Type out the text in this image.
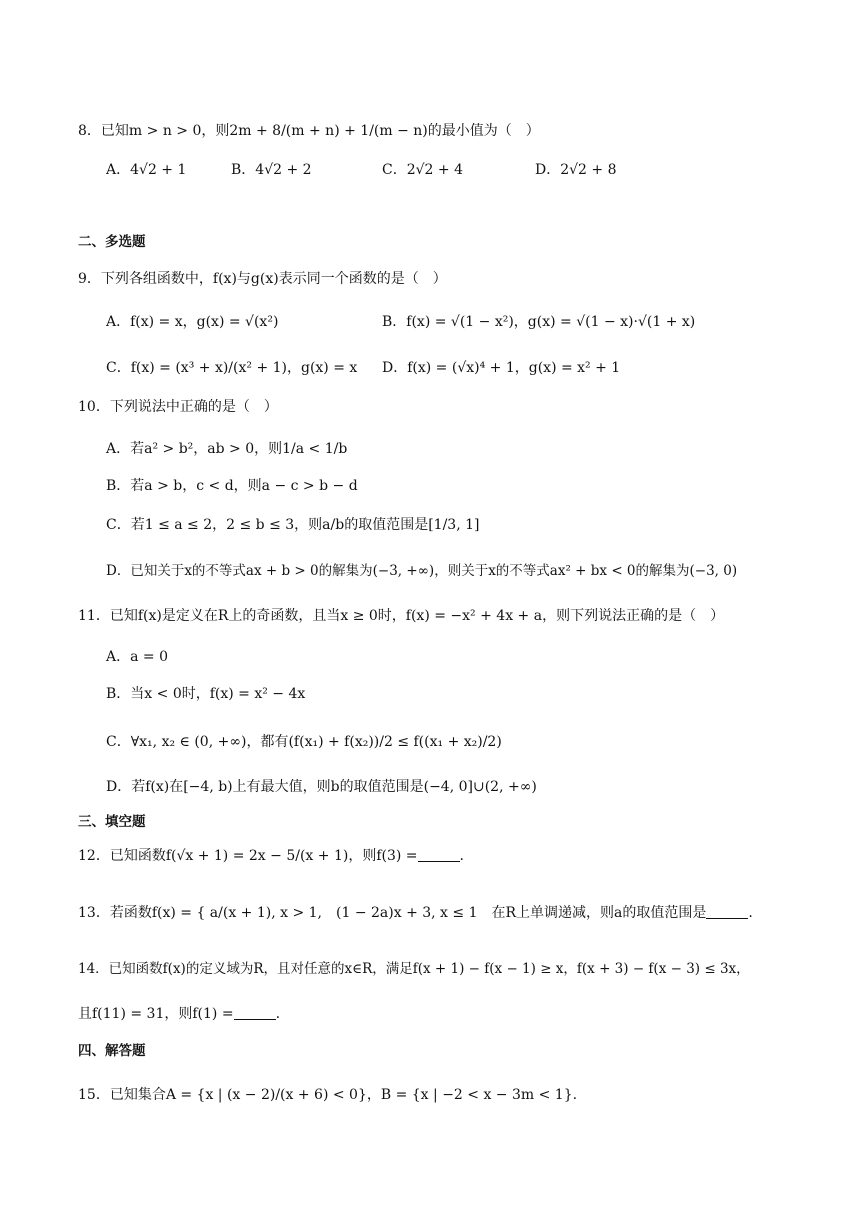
8．已知m > n > 0，则2m + 8/(m + n) + 1/(m − n)的最小值为（　）
A．4√2 + 1	B．4√2 + 2	C．2√2 + 4	D．2√2 + 8
二、多选题
9．下列各组函数中，f(x)与g(x)表示同一个函数的是（　）
A．f(x) = x，g(x) = √(x²)	B．f(x) = √(1 − x²)，g(x) = √(1 − x)·√(1 + x)
C．f(x) = (x³ + x)/(x² + 1)，g(x) = x D．f(x) = (√x)⁴ + 1，g(x) = x² + 1
10．下列说法中正确的是（　）
A．若a² > b²，ab > 0，则1/a < 1/b
B．若a > b，c < d，则a − c > b − d
C．若1 ≤ a ≤ 2，2 ≤ b ≤ 3，则a/b的取值范围是[1/3, 1]
D．已知关于x的不等式ax + b > 0的解集为(−3, +∞)，则关于x的不等式ax² + bx < 0的解集为(−3, 0)
11．已知f(x)是定义在R上的奇函数，且当x ≥ 0时，f(x) = −x² + 4x + a，则下列说法正确的是（　）
A．a = 0
B．当x < 0时，f(x) = x² − 4x
C．∀x₁, x₂ ∈ (0, +∞)，都有(f(x₁) + f(x₂))/2 ≤ f((x₁ + x₂)/2)
D．若f(x)在[−4, b)上有最大值，则b的取值范围是(−4, 0]∪(2, +∞)
三、填空题
12．已知函数f(√x + 1) = 2x − 5/(x + 1)，则f(3) =	.
13．若函数f(x) = { a/(x + 1), x > 1,　(1 − 2a)x + 3, x ≤ 1　在R上单调递减，则a的取值范围是	.
14．已知函数f(x)的定义域为R，且对任意的x∈R，满足f(x + 1) − f(x − 1) ≥ x，f(x + 3) − f(x − 3) ≤ 3x，
且f(11) = 31，则f(1) =	.
四、解答题
15．已知集合A = {x | (x − 2)/(x + 6) < 0}，B = {x | −2 < x − 3m < 1}.
